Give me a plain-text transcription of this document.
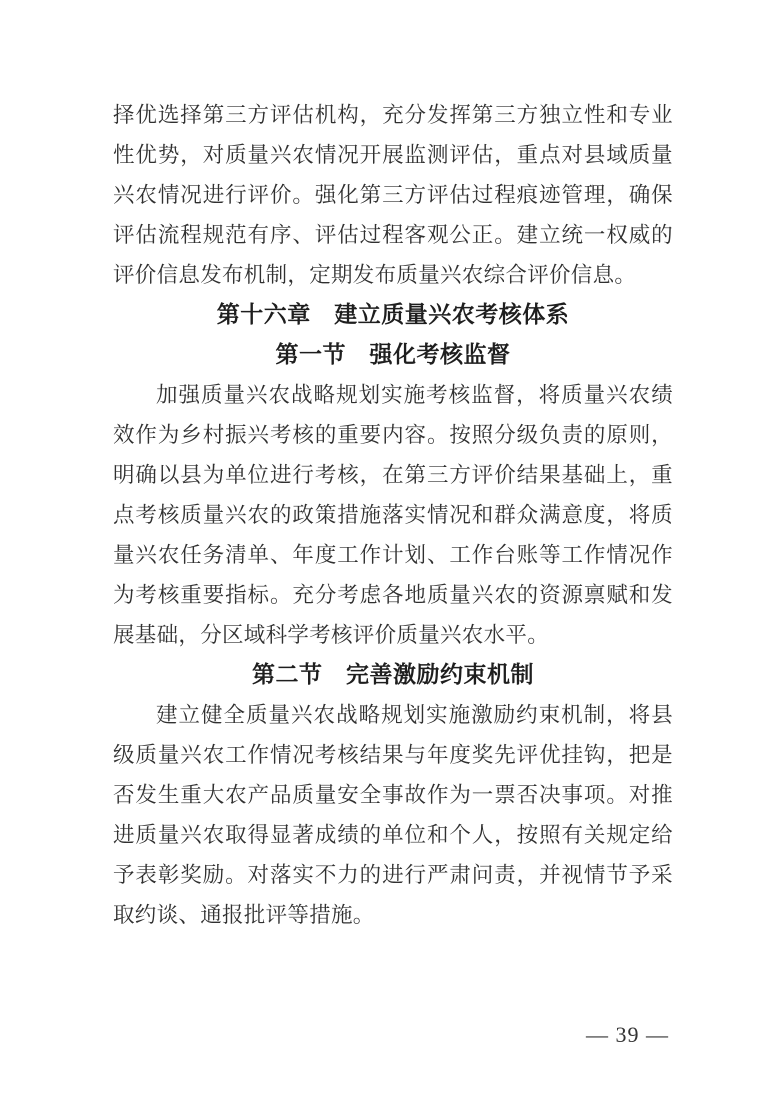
择优选择第三方评估机构，充分发挥第三方独立性和专业性优势，对质量兴农情况开展监测评估，重点对县域质量兴农情况进行评价。强化第三方评估过程痕迹管理，确保评估流程规范有序、评估过程客观公正。建立统一权威的评价信息发布机制，定期发布质量兴农综合评价信息。

第十六章　建立质量兴农考核体系
第一节　强化考核监督

加强质量兴农战略规划实施考核监督，将质量兴农绩效作为乡村振兴考核的重要内容。按照分级负责的原则，明确以县为单位进行考核，在第三方评价结果基础上，重点考核质量兴农的政策措施落实情况和群众满意度，将质量兴农任务清单、年度工作计划、工作台账等工作情况作为考核重要指标。充分考虑各地质量兴农的资源禀赋和发展基础，分区域科学考核评价质量兴农水平。

第二节　完善激励约束机制

建立健全质量兴农战略规划实施激励约束机制，将县级质量兴农工作情况考核结果与年度奖先评优挂钩，把是否发生重大农产品质量安全事故作为一票否决事项。对推进质量兴农取得显著成绩的单位和个人，按照有关规定给予表彰奖励。对落实不力的进行严肃问责，并视情节予采取约谈、通报批评等措施。

— 39 —
